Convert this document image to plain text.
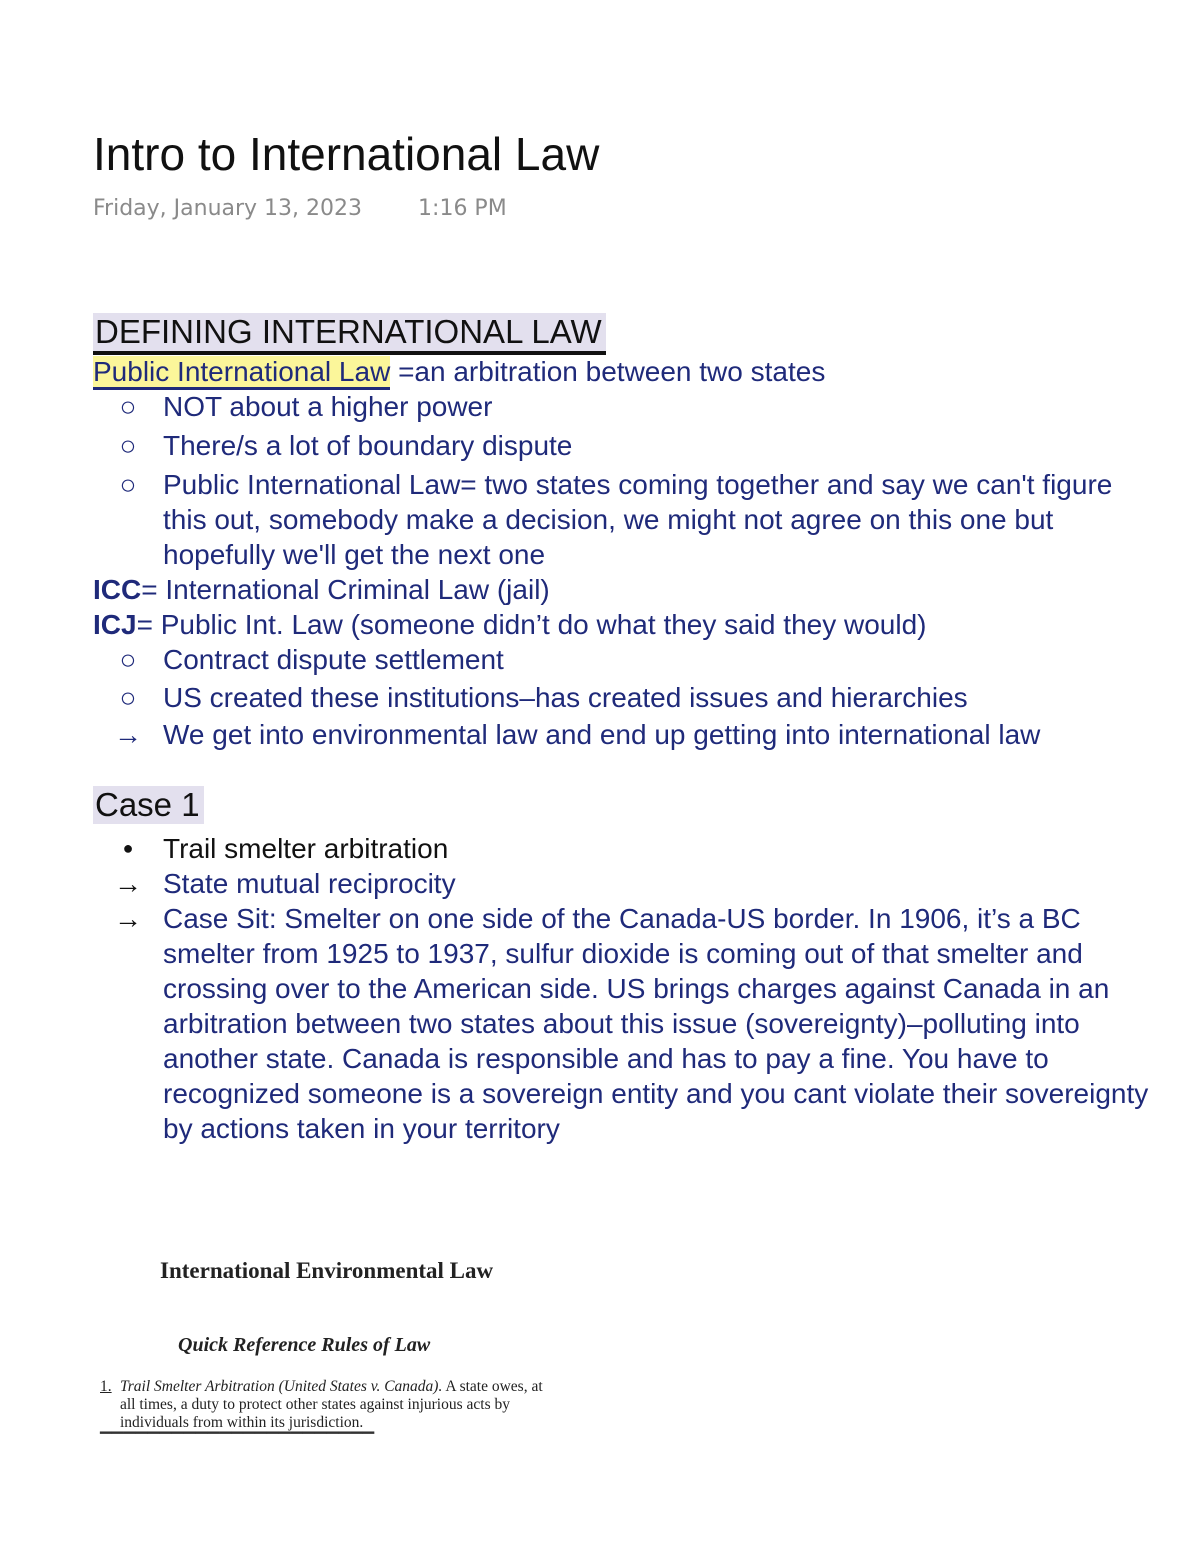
Intro to International Law
Friday, January 13, 2023	1:16 PM
DEFINING INTERNATIONAL LAW
Public International Law =an arbitration between two states
○ NOT about a higher power
○ There/s a lot of boundary dispute
○ Public International Law= two states coming together and say we can't figure this out, somebody make a decision, we might not agree on this one but hopefully we'll get the next one
ICC= International Criminal Law (jail)
ICJ= Public Int. Law (someone didn’t do what they said they would)
○ Contract dispute settlement
○ US created these institutions–has created issues and hierarchies
→ We get into environmental law and end up getting into international law
Case 1
●	Trail smelter arbitration
→ State mutual reciprocity
→ Case Sit: Smelter on one side of the Canada-US border. In 1906, it’s a BC smelter from 1925 to 1937, sulfur dioxide is coming out of that smelter and crossing over to the American side. US brings charges against Canada in an arbitration between two states about this issue (sovereignty)–polluting into another state. Canada is responsible and has to pay a fine. You have to recognized someone is a sovereign entity and you cant violate their sovereignty by actions taken in your territory
International Environmental Law
Quick Reference Rules of Law
1. Trail Smelter Arbitration (United States v. Canada). A state owes, at all times, a duty to protect other states against injurious acts by individuals from within its jurisdiction.
▔▔▔▔▔▔▔▔▔▔▔▔▔▔▔▔▔▔▔▔▔▔▔
